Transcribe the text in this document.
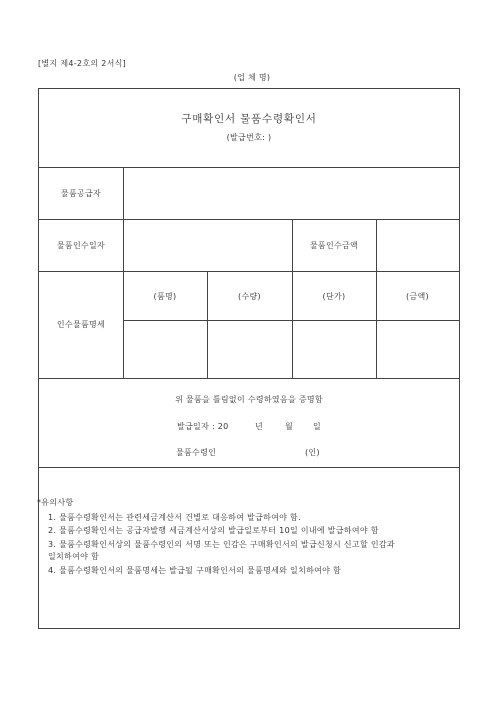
[별지 제4-2호의 2서식]
(업 체 명)
구매확인서 물품수령확인서
(발급번호: )
물품공급자
물품인수일자	물품인수금액
인수물품명세
(품명)	(수량)	(단가)	(금액)
위 물품을 틀림없이 수령하였음을 증명함
발급일자 : 20	년	월 일
물품수령인	(인)
*유의사항
1. 물품수령확인서는 관련세금계산서 건별로 대응하여 발급하여야 함.
2. 물품수령확인서는 공급자발행 세금계산서상의 발급일로부터 10일 이내에 발급하여야 함
3. 물품수령확인서상의 물품수령인의 서명 또는 인감은 구매확인서의 발급신청시 신고할 인감과
일치하여야 함
4. 물품수령확인서의 물품명세는 발급될 구매확인서의 물품명세와 일치하여야 함
